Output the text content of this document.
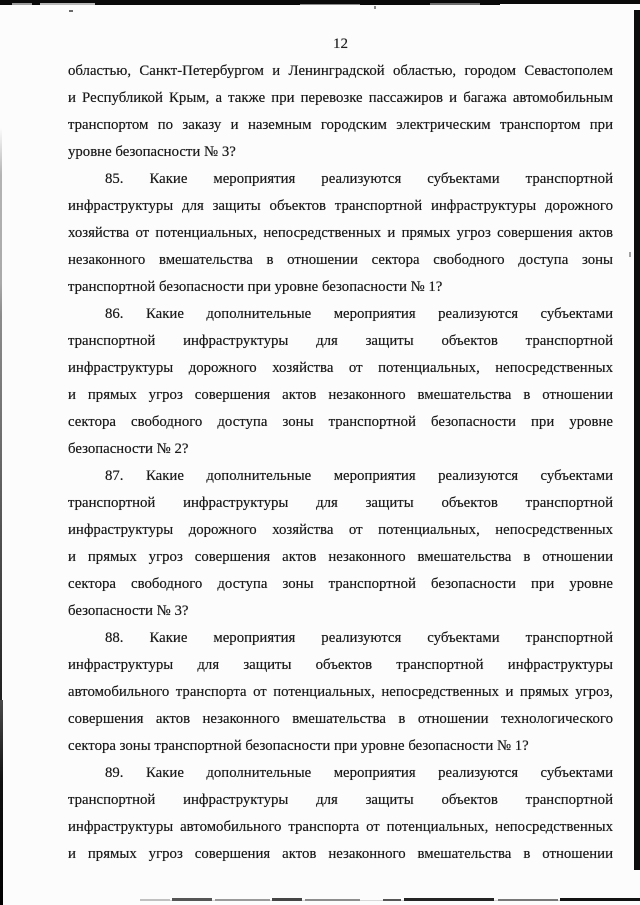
12
областью, Санкт-Петербургом и Ленинградской областью, городом Севастополем
и Республикой Крым, а также при перевозке пассажиров и багажа автомобильным
транспортом по заказу и наземным городским электрическим транспортом при
уровне безопасности № 3?
85. Какие мероприятия реализуются субъектами транспортной
инфраструктуры для защиты объектов транспортной инфраструктуры дорожного
хозяйства от потенциальных, непосредственных и прямых угроз совершения актов
незаконного вмешательства в отношении сектора свободного доступа зоны
транспортной безопасности при уровне безопасности № 1?
86. Какие дополнительные мероприятия реализуются субъектами
транспортной инфраструктуры для защиты объектов транспортной
инфраструктуры дорожного хозяйства от потенциальных, непосредственных
и прямых угроз совершения актов незаконного вмешательства в отношении
сектора свободного доступа зоны транспортной безопасности при уровне
безопасности № 2?
87. Какие дополнительные мероприятия реализуются субъектами
транспортной инфраструктуры для защиты объектов транспортной
инфраструктуры дорожного хозяйства от потенциальных, непосредственных
и прямых угроз совершения актов незаконного вмешательства в отношении
сектора свободного доступа зоны транспортной безопасности при уровне
безопасности № 3?
88. Какие мероприятия реализуются субъектами транспортной
инфраструктуры для защиты объектов транспортной инфраструктуры
автомобильного транспорта от потенциальных, непосредственных и прямых угроз,
совершения актов незаконного вмешательства в отношении технологического
сектора зоны транспортной безопасности при уровне безопасности № 1?
89. Какие дополнительные мероприятия реализуются субъектами
транспортной инфраструктуры для защиты объектов транспортной
инфраструктуры автомобильного транспорта от потенциальных, непосредственных
и прямых угроз совершения актов незаконного вмешательства в отношении
